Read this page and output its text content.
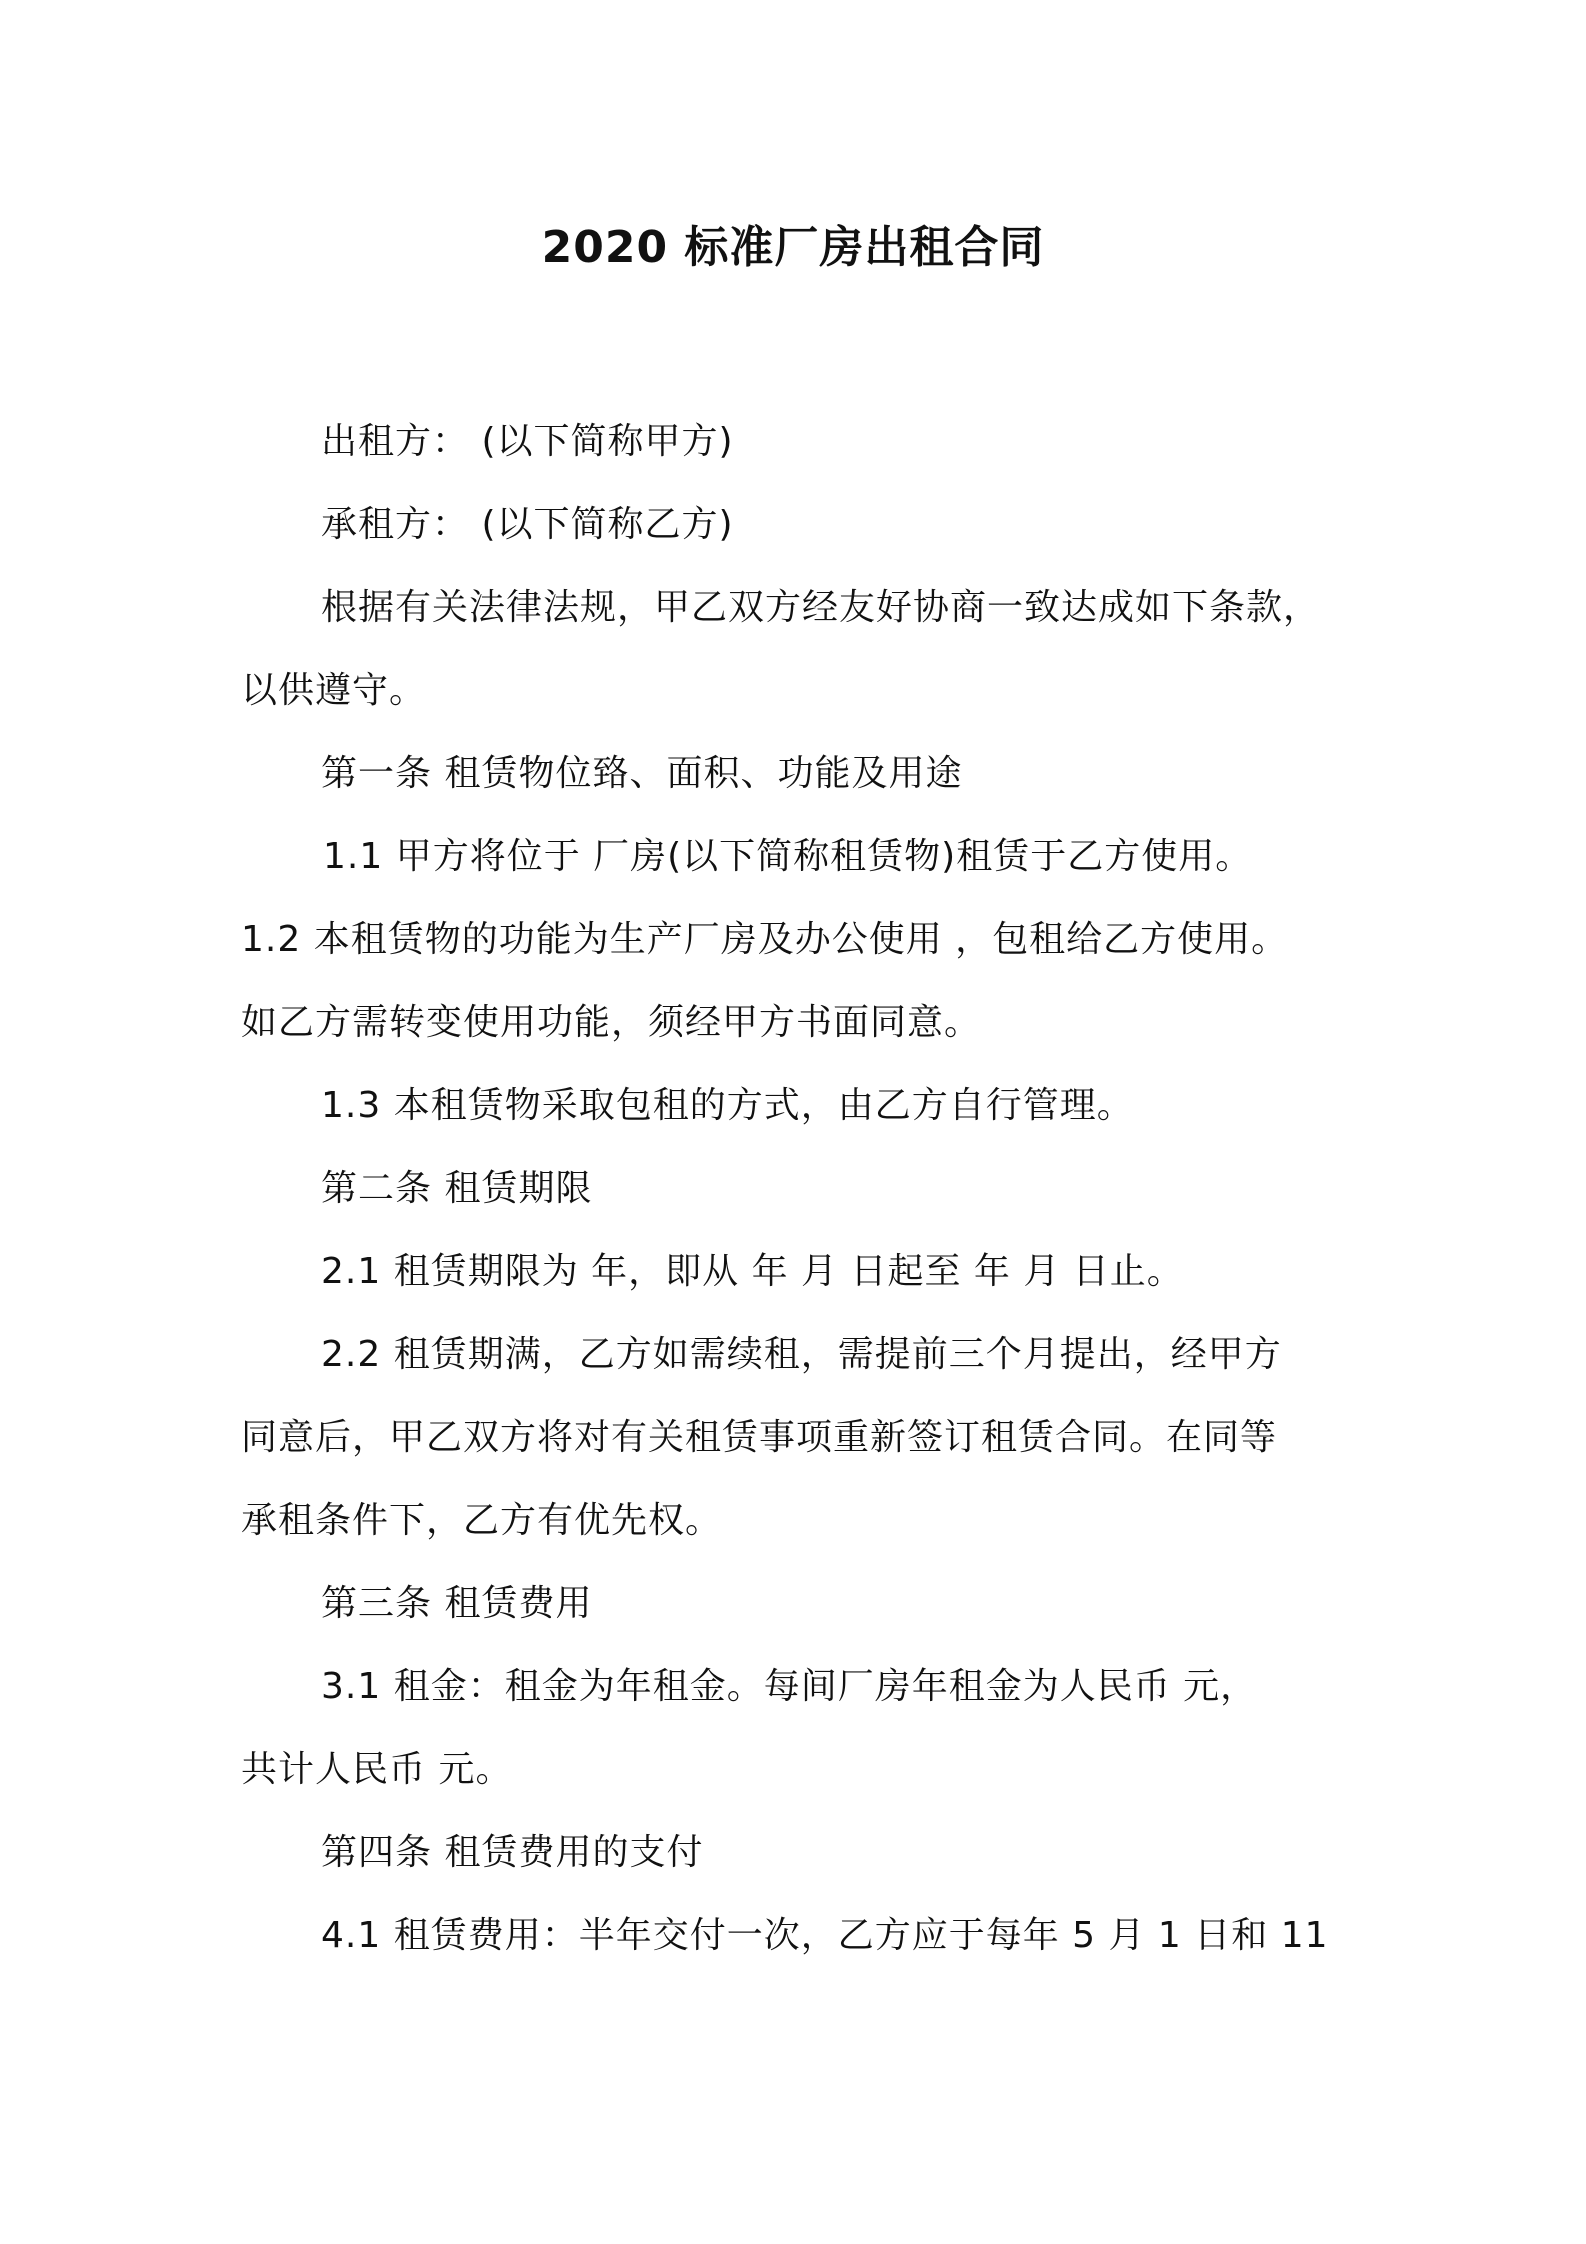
2020 标准厂房出租合同
出租方： (以下简称甲方)
承租方： (以下简称乙方)
根据有关法律法规，甲乙双方经友好协商一致达成如下条款，
以供遵守。
第一条 租赁物位臵、面积、功能及用途
1.1 甲方将位于 厂房(以下简称租赁物)租赁于乙方使用。
1.2 本租赁物的功能为生产厂房及办公使用 ，包租给乙方使用。
如乙方需转变使用功能，须经甲方书面同意。
1.3 本租赁物采取包租的方式，由乙方自行管理。
第二条 租赁期限
2.1 租赁期限为 年，即从 年 月 日起至 年 月 日止。
2.2 租赁期满，乙方如需续租，需提前三个月提出，经甲方
同意后，甲乙双方将对有关租赁事项重新签订租赁合同。在同等
承租条件下，乙方有优先权。
第三条 租赁费用
3.1 租金：租金为年租金。每间厂房年租金为人民币 元，
共计人民币 元。
第四条 租赁费用的支付
4.1 租赁费用：半年交付一次，乙方应于每年 5 月 1 日和 11
